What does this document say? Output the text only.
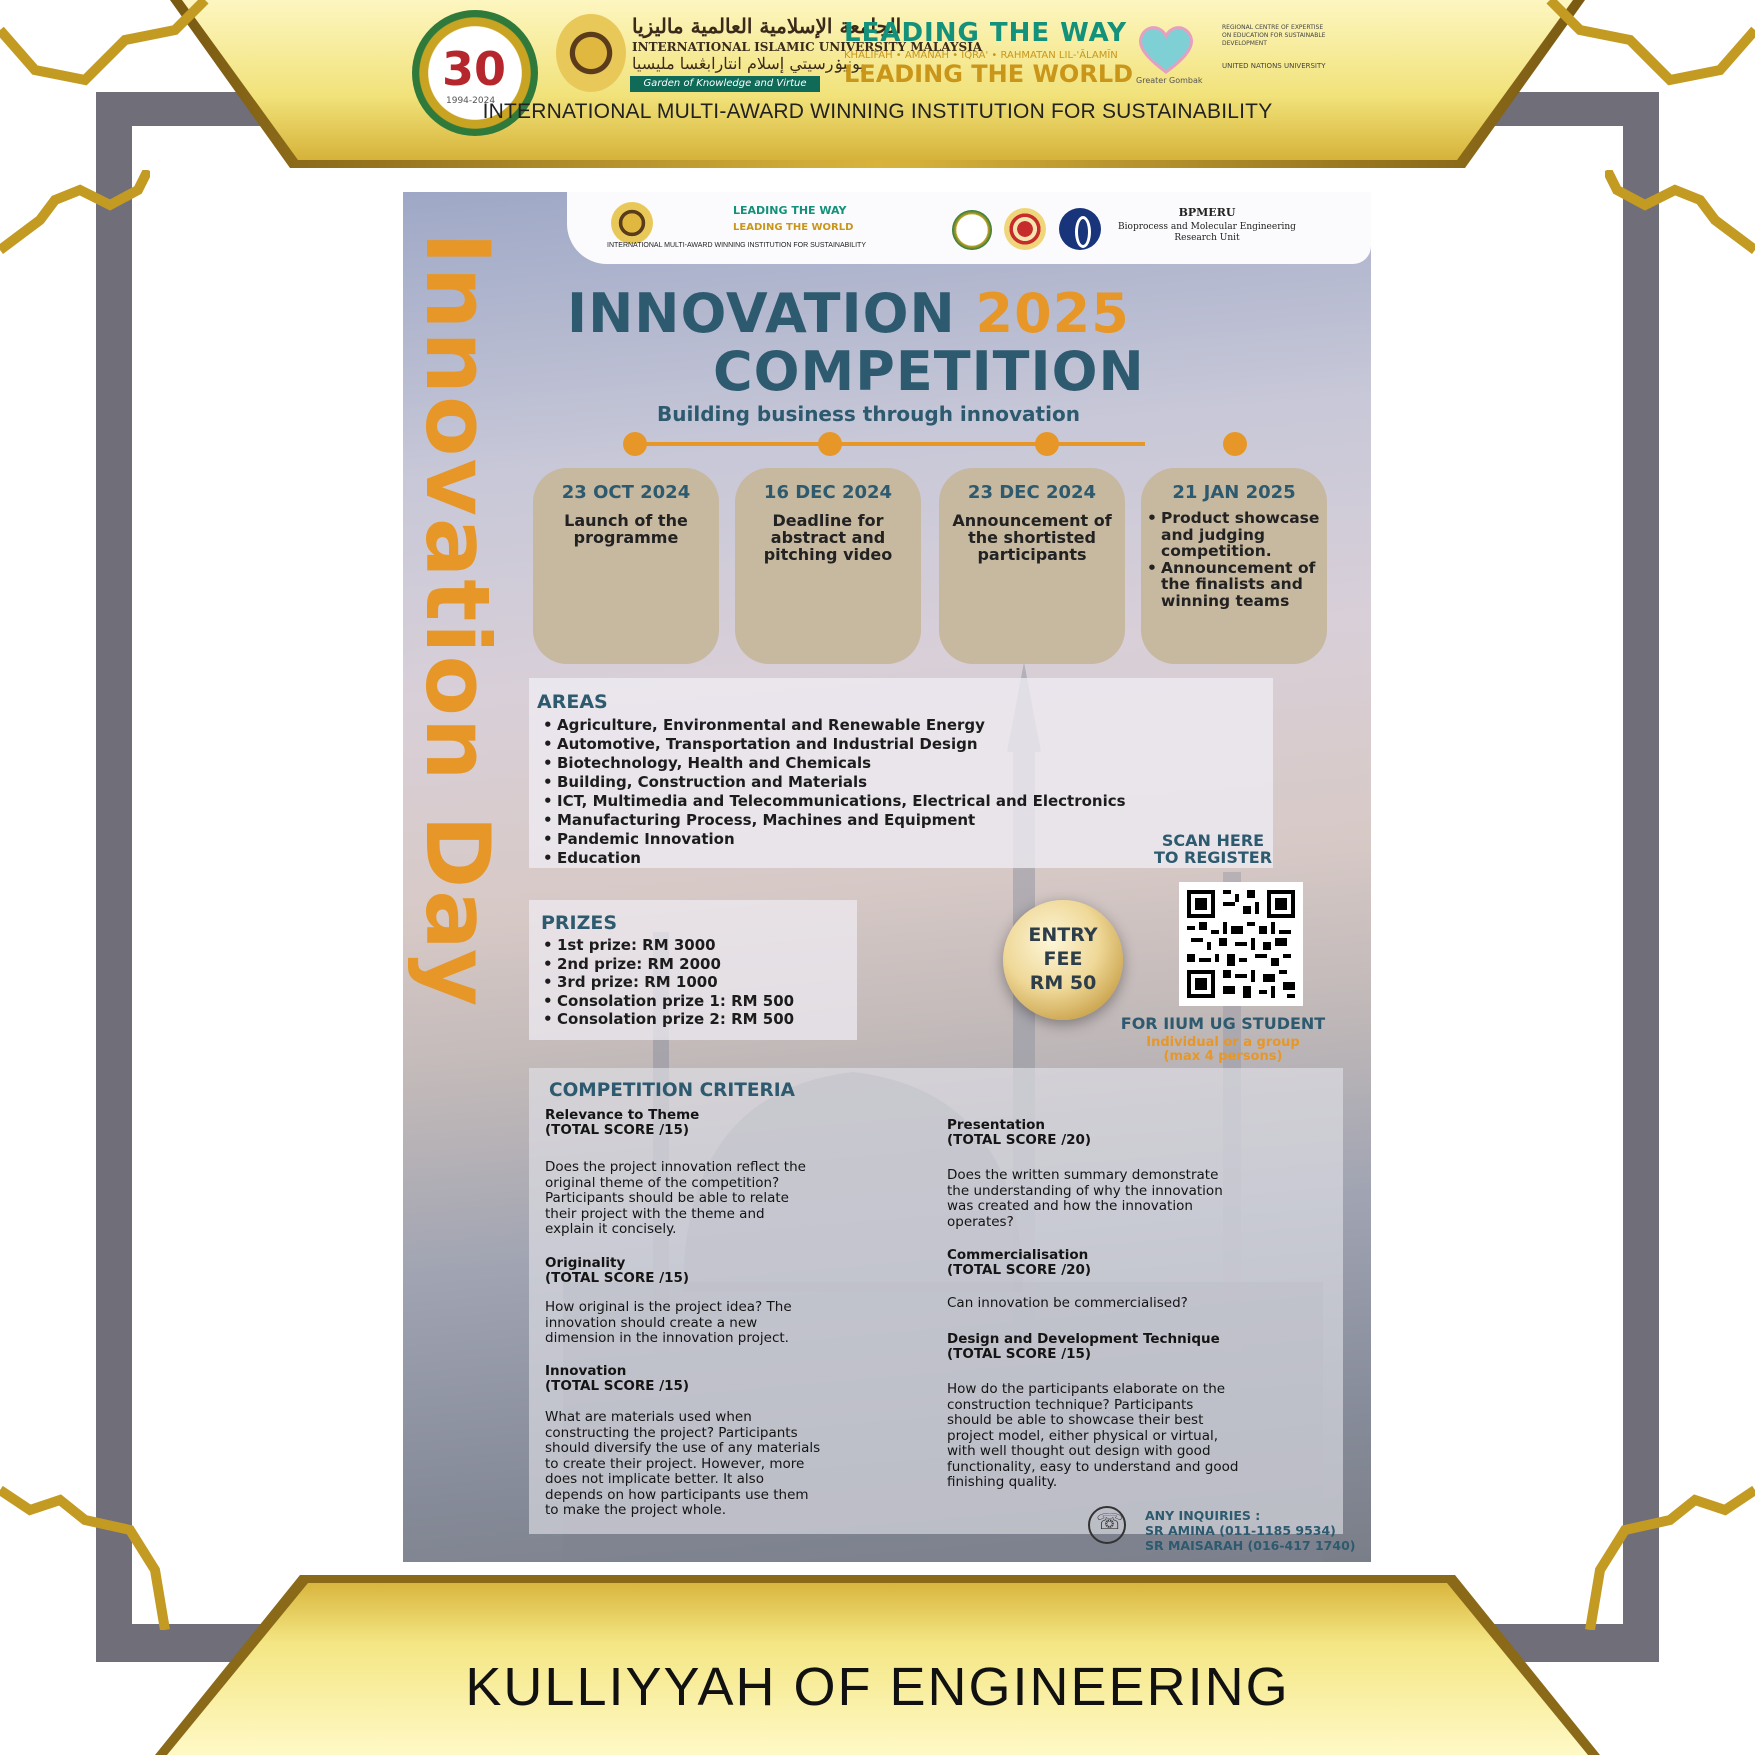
30
1994-2024
الجامعة الإسلامية العالمية ماليزيا
INTERNATIONAL ISLAMIC UNIVERSITY MALAYSIA
يونيۏرسيتي إسلام انتارابڠسا مليسيا
Garden of Knowledge and Virtue
LEADING THE WAY
KHALĪFAH • AMĀNAH • IQRA' • RAHMATAN LIL-'ĀLAMĪN
LEADING THE WORLD Greater Gombak
REGIONAL CENTRE OF EXPERTISE ON EDUCATION FOR SUSTAINABLE DEVELOPMENT
UNITED NATIONS UNIVERSITY
INTERNATIONAL MULTI-AWARD WINNING INSTITUTION FOR SUSTAINABILITY
Innovation Day
LEADING THE WAY
LEADING THE WORLD
INTERNATIONAL MULTI-AWARD WINNING INSTITUTION FOR SUSTAINABILITY
BPMERU
Bioprocess and Molecular Engineering Research Unit
INNOVATION 2025
COMPETITION
Building business through innovation
23 OCT 2024
Launch of the programme
16 DEC 2024
Deadline for abstract and pitching video
23 DEC 2024
Announcement of the shortisted participants
21 JAN 2025
• Product showcase and judging competition.
• Announcement of the finalists and winning teams
AREAS
• Agriculture, Environmental and Renewable Energy
• Automotive, Transportation and Industrial Design
• Biotechnology, Health and Chemicals
• Building, Construction and Materials
• ICT, Multimedia and Telecommunications, Electrical and Electronics
• Manufacturing Process, Machines and Equipment
• Pandemic Innovation
• Education
PRIZES
• 1st prize: RM 3000
• 2nd prize: RM 2000
• 3rd prize: RM 1000
• Consolation prize 1: RM 500
• Consolation prize 2: RM 500
ENTRY
FEE
RM 50
SCAN HERE
TO REGISTER
FOR IIUM UG STUDENT
Individual or a group
(max 4 persons)
COMPETITION CRITERIA
Relevance to Theme
(TOTAL SCORE /15)
Does the project innovation reflect the
original theme of the competition?
Participants should be able to relate
their project with the theme and
explain it concisely.
Originality
(TOTAL SCORE /15)
How original is the project idea? The
innovation should create a new
dimension in the innovation project.
Innovation
(TOTAL SCORE /15)
What are materials used when
constructing the project? Participants
should diversify the use of any materials
to create their project. However, more
does not implicate better. It also
depends on how participants use them
to make the project whole.
Presentation
(TOTAL SCORE /20)
Does the written summary demonstrate
the understanding of why the innovation
was created and how the innovation
operates?
Commercialisation
(TOTAL SCORE /20)
Can innovation be commercialised?
Design and Development Technique
(TOTAL SCORE /15)
How do the participants elaborate on the
construction technique? Participants
should be able to showcase their best
project model, either physical or virtual,
with well thought out design with good
functionality, easy to understand and good
finishing quality.
☏ ANY INQUIRIES :
SR AMINA (011-1185 9534)
SR MAISARAH (016-417 1740)
KULLIYYAH OF ENGINEERING
